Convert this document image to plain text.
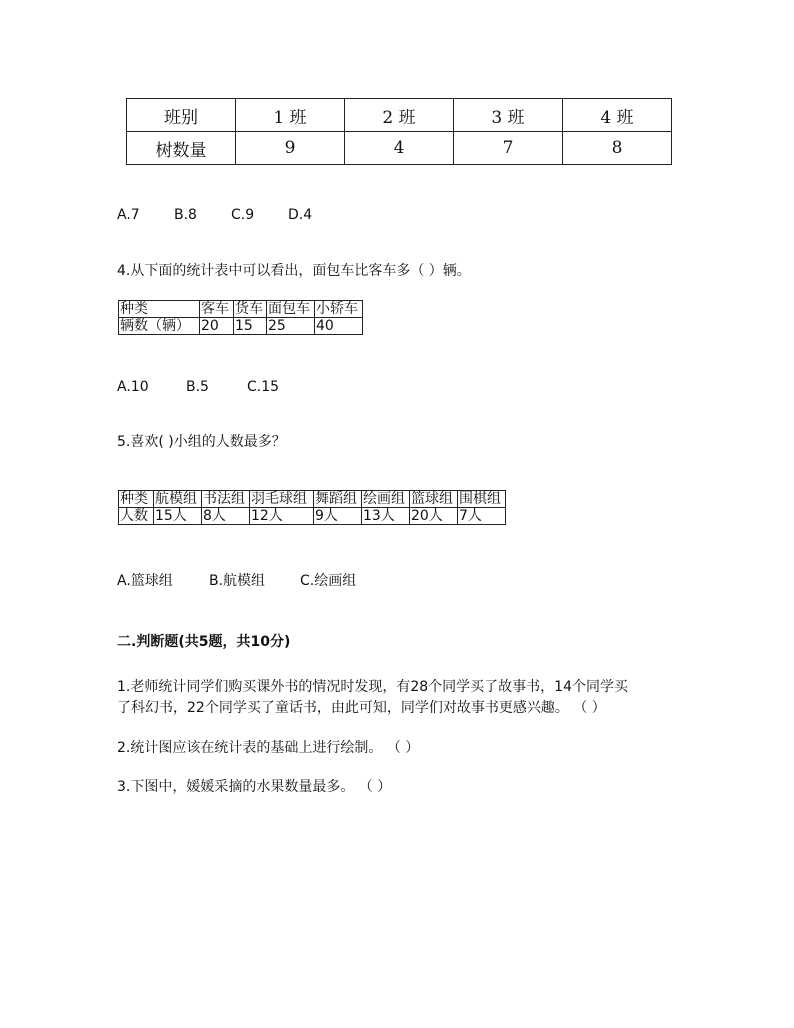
班别	1 班	2 班	3 班	4 班
树数量	9	4	7	8
A.7 B.8 C.9 D.4
4.从下面的统计表中可以看出，面包车比客车多（ ）辆。
种类	客车	货车	面包车	小轿车
辆数（辆）	20	15	25	40
A.10	B.5	C.15
5.喜欢( )小组的人数最多？
种类	航模组	书法组	羽毛球组	舞蹈组	绘画组	篮球组	围棋组
人数	15人	8人	12人	9人	13人	20人	7人
A.篮球组	B.航模组 C.绘画组
二.判断题(共5题，共10分)
1.老师统计同学们购买课外书的情况时发现，有28个同学买了故事书，14个同学买
了科幻书，22个同学买了童话书，由此可知，同学们对故事书更感兴趣。 （ ）
2.统计图应该在统计表的基础上进行绘制。 （ ）
3.下图中，媛媛采摘的水果数量最多。 （ ）
